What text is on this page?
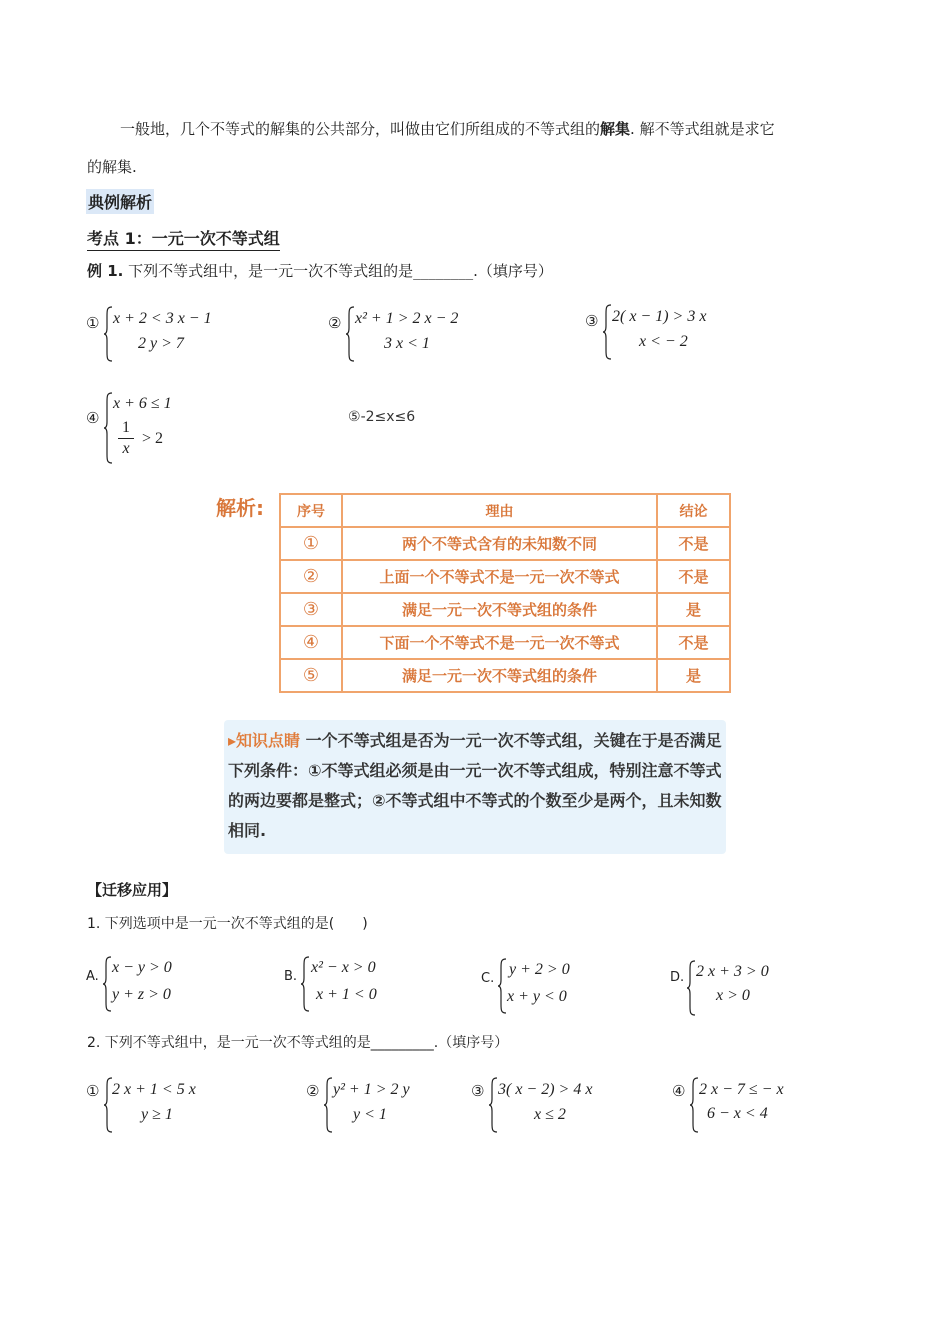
一般地，几个不等式的解集的公共部分，叫做由它们所组成的不等式组的解集. 解不等式组就是求它
的解集.
典例解析
考点 1：一元一次不等式组
例 1. 下列不等式组中，是一元一次不等式组的是________.（填序号）
① x + 2 < 3 x − 1
2 y > 7
② x² + 1 > 2 x − 2
3 x < 1
③ 2( x − 1) > 3 x
x < − 2
④
x + 6 ≤ 1
1
x
> 2
⑤-2≤x≤6
解析: 序号	理由	结论
①	两个不等式含有的未知数不同	不是
②	上面一个不等式不是一元一次不等式	不是
③	满足一元一次不等式组的条件	是
④	下面一个不等式不是一元一次不等式	不是
⑤	满足一元一次不等式组的条件	是
▸知识点睛 一个不等式组是否为一元一次不等式组，关键在于是否满足下列条件：①不等式组必须是由一元一次不等式组成，特别注意不等式的两边要都是整式；②不等式组中不等式的个数至少是两个，且未知数相同.
【迁移应用】
1. 下列选项中是一元一次不等式组的是(　　)
A.
x − y > 0
y + z > 0
B.
x² − x > 0
x + 1 < 0
C.
y + 2 > 0
x + y < 0
D. 2 x + 3 > 0
x > 0
2. 下列不等式组中，是一元一次不等式组的是_________.（填序号）
① 2 x + 1 < 5 x
y ≥ 1
② y² + 1 > 2 y
y < 1
③ 3( x − 2) > 4 x
x ≤ 2
④ 2 x − 7 ≤ − x
6 − x < 4
